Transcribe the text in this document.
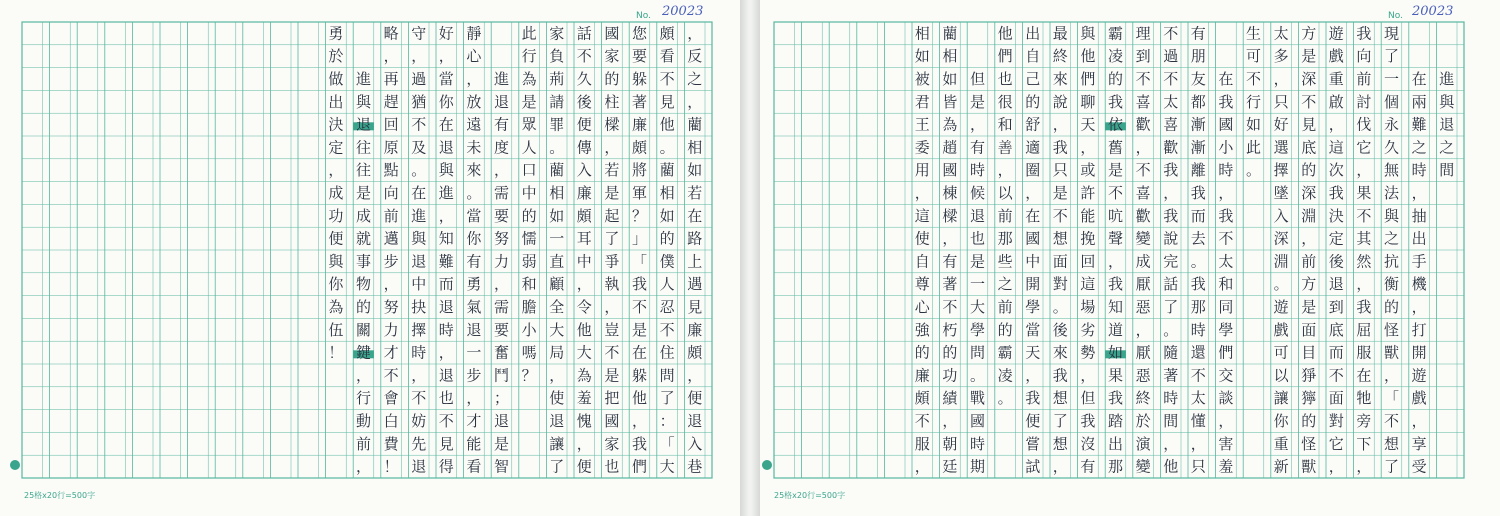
，
反
之
，
藺
相
如
若
在
路
上
遇
見
廉
頗
，
便
退
入
巷
頗
看
不
見
他
。
藺
相
如
的
僕
人
忍
不
住
問
了
：
「
大
您
要
躲
著
廉
頗
將
軍
？
」
「
我
不
是
在
躲
他
，
我
們
國
家
的
柱
樑
，
若
是
起
了
爭
執
，
豈
不
是
把
國
家
也
話
不
久
後
便
傳
入
廉
頗
耳
中
，
令
他
大
為
羞
愧
，
便
家
負
荊
請
罪
。
藺
相
如
一
直
顧
全
大
局
，
使
退
讓
了
此
行
為
是
眾
人
口
中
的
懦
弱
和
膽
小
嗎
？
進
退
有
度
，
需
要
努
力
，
需
要
奮
鬥
；
退
是
智
靜
心
，
放
遠
未
來
。
當
你
有
勇
氣
退
一
步
，
才
能
看
好
，
當
你
在
退
與
進
，
知
難
而
退
時
，
退
也
不
見
得
守
，
過
猶
不
及
。
在
進
與
退
中
抉
擇
時
，
不
妨
先
退
略
，
再
趕
回
原
點
向
前
邁
步
，
努
力
才
不
會
白
費
！
進
與
退
往
往
是
成
就
事
物
的
關
鍵
，
行
動
前
，
勇
於
做
出
決
定
，
成
功
便
與
你
為
伍
！
No. 20023
25格x20行=500字
進
與
退
之
間
在
兩
難
之
時
，
抽
出
手
機
，
打
開
遊
戲
，
享
受
現
了
一
個
永
久
無
法
與
之
抗
衡
的
怪
獸
，
「
不
想
了
我
向
前
討
伐
它
，
果
不
其
然
，
我
屈
服
在
牠
旁
下
，
遊
戲
重
啟
，
這
次
我
決
定
後
退
到
底
而
不
面
對
它
，
方
是
深
不
見
底
的
深
淵
，
前
方
是
面
目
猙
獰
的
怪
獸
太
多
，
只
好
選
擇
墜
入
深
淵
。
遊
戲
可
以
讓
你
重
新
生
可
不
行
如
此
。
在
我
國
小
時
，
我
不
太
和
同
學
們
交
談
，
害
羞
有
朋
友
都
漸
漸
離
我
而
去
。
我
那
時
還
不
太
懂
，
只
不
過
不
太
喜
歡
我
，
我
說
完
話
了
。
隨
著
時
間
，
他
理
到
不
喜
歡
，
不
喜
歡
變
成
厭
惡
，
厭
惡
終
於
演
變
霸
凌
的
我
依
舊
是
不
吭
聲
，
我
知
道
如
果
我
踏
出
那
與
他
們
聊
天
，
或
許
能
挽
回
這
場
劣
勢
，
但
我
沒
有
最
終
來
說
，
我
只
是
不
想
面
對
。
後
來
我
想
了
想
，
出
自
己
的
舒
適
圈
，
在
國
中
開
學
當
天
，
我
便
嘗
試
他
們
也
很
和
善
，
以
前
那
些
之
前
的
霸
凌
。
但
是
，
有
時
候
退
也
是
一
大
學
問
。
戰
國
時
期
藺
相
如
皆
為
趙
國
棟
樑
，
有
著
不
朽
的
功
績
，
朝
廷
相
如
被
君
王
委
用
，
這
使
自
尊
心
強
的
廉
頗
不
服
，
No. 20023
25格x20行=500字
